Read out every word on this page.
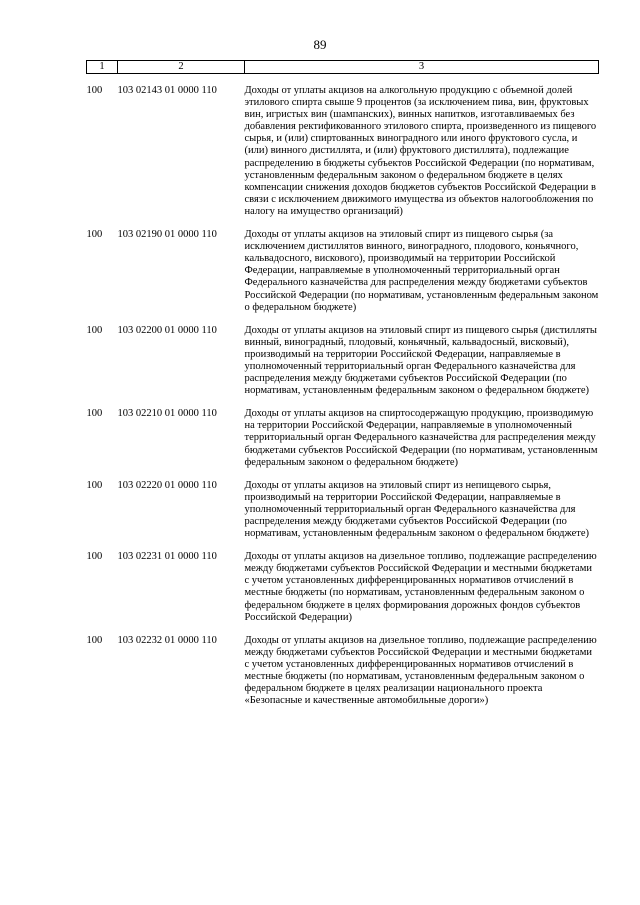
89
1	2	3

100	103 02143 01 0000 110	Доходы от уплаты акцизов на алкогольную продукцию с объемной долей этилового спирта свыше 9 процентов (за исключением пива, вин, фруктовых вин, игристых вин (шампанских), винных напитков, изготавливаемых без добавления ректификованного этилового спирта, произведенного из пищевого сырья, и (или) спиртованных виноградного или иного фруктового сусла, и (или) винного дистиллята, и (или) фруктового дистиллята), подлежащие распределению в бюджеты субъектов Российской Федерации (по нормативам, установленным федеральным законом о федеральном бюджете в целях компенсации снижения доходов бюджетов субъектов Российской Федерации в связи с исключением движимого имущества из объектов налогообложения по налогу на имущество организаций)

100	103 02190 01 0000 110	Доходы от уплаты акцизов на этиловый спирт из пищевого сырья (за исключением дистиллятов винного, виноградного, плодового, коньячного, кальвадосного, вискового), производимый на территории Российской Федерации, направляемые в уполномоченный территориальный орган Федерального казначейства для распределения между бюджетами субъектов Российской Федерации (по нормативам, установленным федеральным законом о федеральном бюджете)

100	103 02200 01 0000 110	Доходы от уплаты акцизов на этиловый спирт из пищевого сырья (дистилляты винный, виноградный, плодовый, коньячный, кальвадосный, висковый), производимый на территории Российской Федерации, направляемые в уполномоченный территориальный орган Федерального казначейства для распределения между бюджетами субъектов Российской Федерации (по нормативам, установленным федеральным законом о федеральном бюджете)

100	103 02210 01 0000 110	Доходы от уплаты акцизов на спиртосодержащую продукцию, производимую на территории Российской Федерации, направляемые в уполномоченный территориальный орган Федерального казначейства для распределения между бюджетами субъектов Российской Федерации (по нормативам, установленным федеральным законом о федеральном бюджете)

100	103 02220 01 0000 110	Доходы от уплаты акцизов на этиловый спирт из непищевого сырья, производимый на территории Российской Федерации, направляемые в уполномоченный территориальный орган Федерального казначейства для распределения между бюджетами субъектов Российской Федерации (по нормативам, установленным федеральным законом о федеральном бюджете)

100	103 02231 01 0000 110	Доходы от уплаты акцизов на дизельное топливо, подлежащие распределению между бюджетами субъектов Российской Федерации и местными бюджетами с учетом установленных дифференцированных нормативов отчислений в местные бюджеты (по нормативам, установленным федеральным законом о федеральном бюджете в целях формирования дорожных фондов субъектов Российской Федерации)

100	103 02232 01 0000 110	Доходы от уплаты акцизов на дизельное топливо, подлежащие распределению между бюджетами субъектов Российской Федерации и местными бюджетами с учетом установленных дифференцированных нормативов отчислений в местные бюджеты (по нормативам, установленным федеральным законом о федеральном бюджете в целях реализации национального проекта «Безопасные и качественные автомобильные дороги»)
